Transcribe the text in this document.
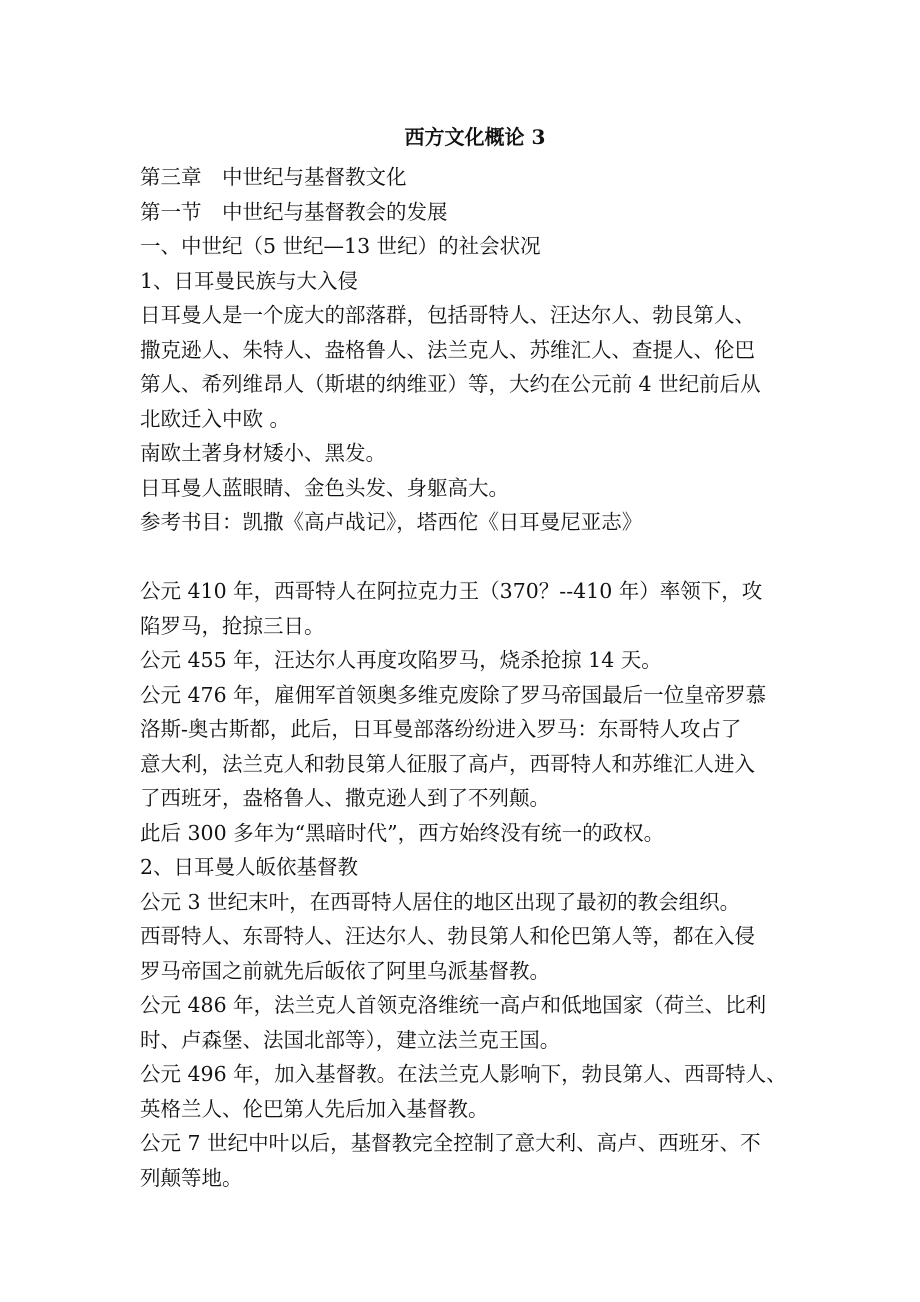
西方文化概论 3
第三章　中世纪与基督教文化
第一节　中世纪与基督教会的发展
一、中世纪（5 世纪—13 世纪）的社会状况
1、日耳曼民族与大入侵
日耳曼人是一个庞大的部落群，包括哥特人、汪达尔人、勃艮第人、
撒克逊人、朱特人、盎格鲁人、法兰克人、苏维汇人、查提人、伦巴
第人、希列维昂人（斯堪的纳维亚）等，大约在公元前 4 世纪前后从
北欧迁入中欧 。
南欧土著身材矮小、黑发。
日耳曼人蓝眼睛、金色头发、身躯高大。
参考书目：凯撒《高卢战记》，塔西佗《日耳曼尼亚志》
公元 410 年，西哥特人在阿拉克力王（370？--410 年）率领下，攻
陷罗马，抢掠三日。
公元 455 年，汪达尔人再度攻陷罗马，烧杀抢掠 14 天。
公元 476 年，雇佣军首领奥多维克废除了罗马帝国最后一位皇帝罗慕
洛斯-奥古斯都，此后，日耳曼部落纷纷进入罗马：东哥特人攻占了
意大利，法兰克人和勃艮第人征服了高卢，西哥特人和苏维汇人进入
了西班牙，盎格鲁人、撒克逊人到了不列颠。
此后 300 多年为“黑暗时代”，西方始终没有统一的政权。
2、日耳曼人皈依基督教
公元 3 世纪末叶，在西哥特人居住的地区出现了最初的教会组织。
西哥特人、东哥特人、汪达尔人、勃艮第人和伦巴第人等，都在入侵
罗马帝国之前就先后皈依了阿里乌派基督教。
公元 486 年，法兰克人首领克洛维统一高卢和低地国家（荷兰、比利
时、卢森堡、法国北部等），建立法兰克王国。
公元 496 年，加入基督教。在法兰克人影响下，勃艮第人、西哥特人、
英格兰人、伦巴第人先后加入基督教。
公元 7 世纪中叶以后，基督教完全控制了意大利、高卢、西班牙、不
列颠等地。
